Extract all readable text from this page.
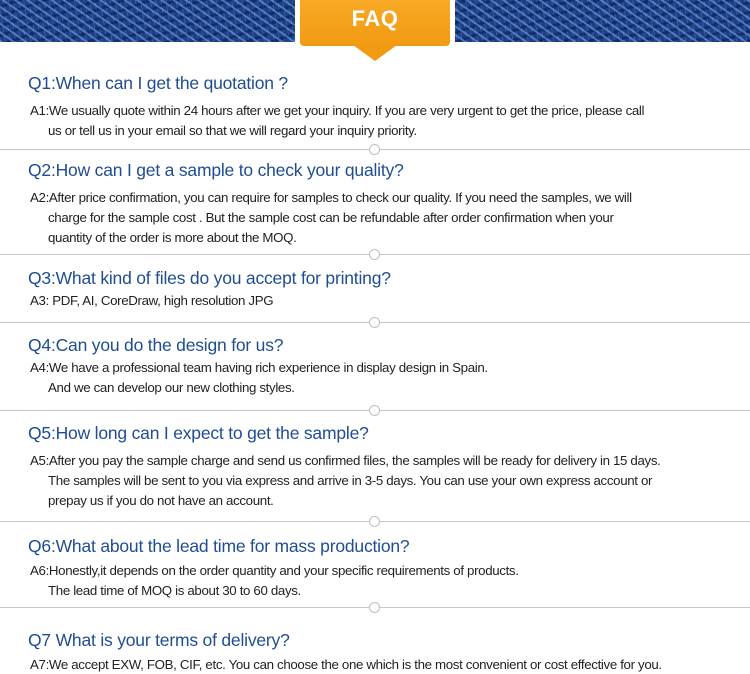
FAQ
Q1:When can I get the quotation ?
A1:We usually quote within 24 hours after we get your inquiry. If you are very urgent to get the price, please call
us or tell us in your email so that we will regard your inquiry priority.
Q2:How can I get a sample to check your quality?
A2:After price confirmation, you can require for samples to check our quality. If you need the samples, we will
charge for the sample cost . But the sample cost can be refundable after order confirmation when your
quantity of the order is more about the MOQ.
Q3:What kind of files do you accept for printing?
A3: PDF, AI, CoreDraw, high resolution JPG
Q4:Can you do the design for us?
A4:We have a professional team having rich experience in display design in Spain.
And we can develop our new clothing styles.
Q5:How long can I expect to get the sample?
A5:After you pay the sample charge and send us confirmed files, the samples will be ready for delivery in 15 days.
The samples will be sent to you via express and arrive in 3-5 days. You can use your own express account or
prepay us if you do not have an account.
Q6:What about the lead time for mass production?
A6:Honestly,it depends on the order quantity and your specific requirements of products.
The lead time of MOQ is about 30 to 60 days.
Q7 What is your terms of delivery?
A7:We accept EXW, FOB, CIF, etc. You can choose the one which is the most convenient or cost effective for you.
